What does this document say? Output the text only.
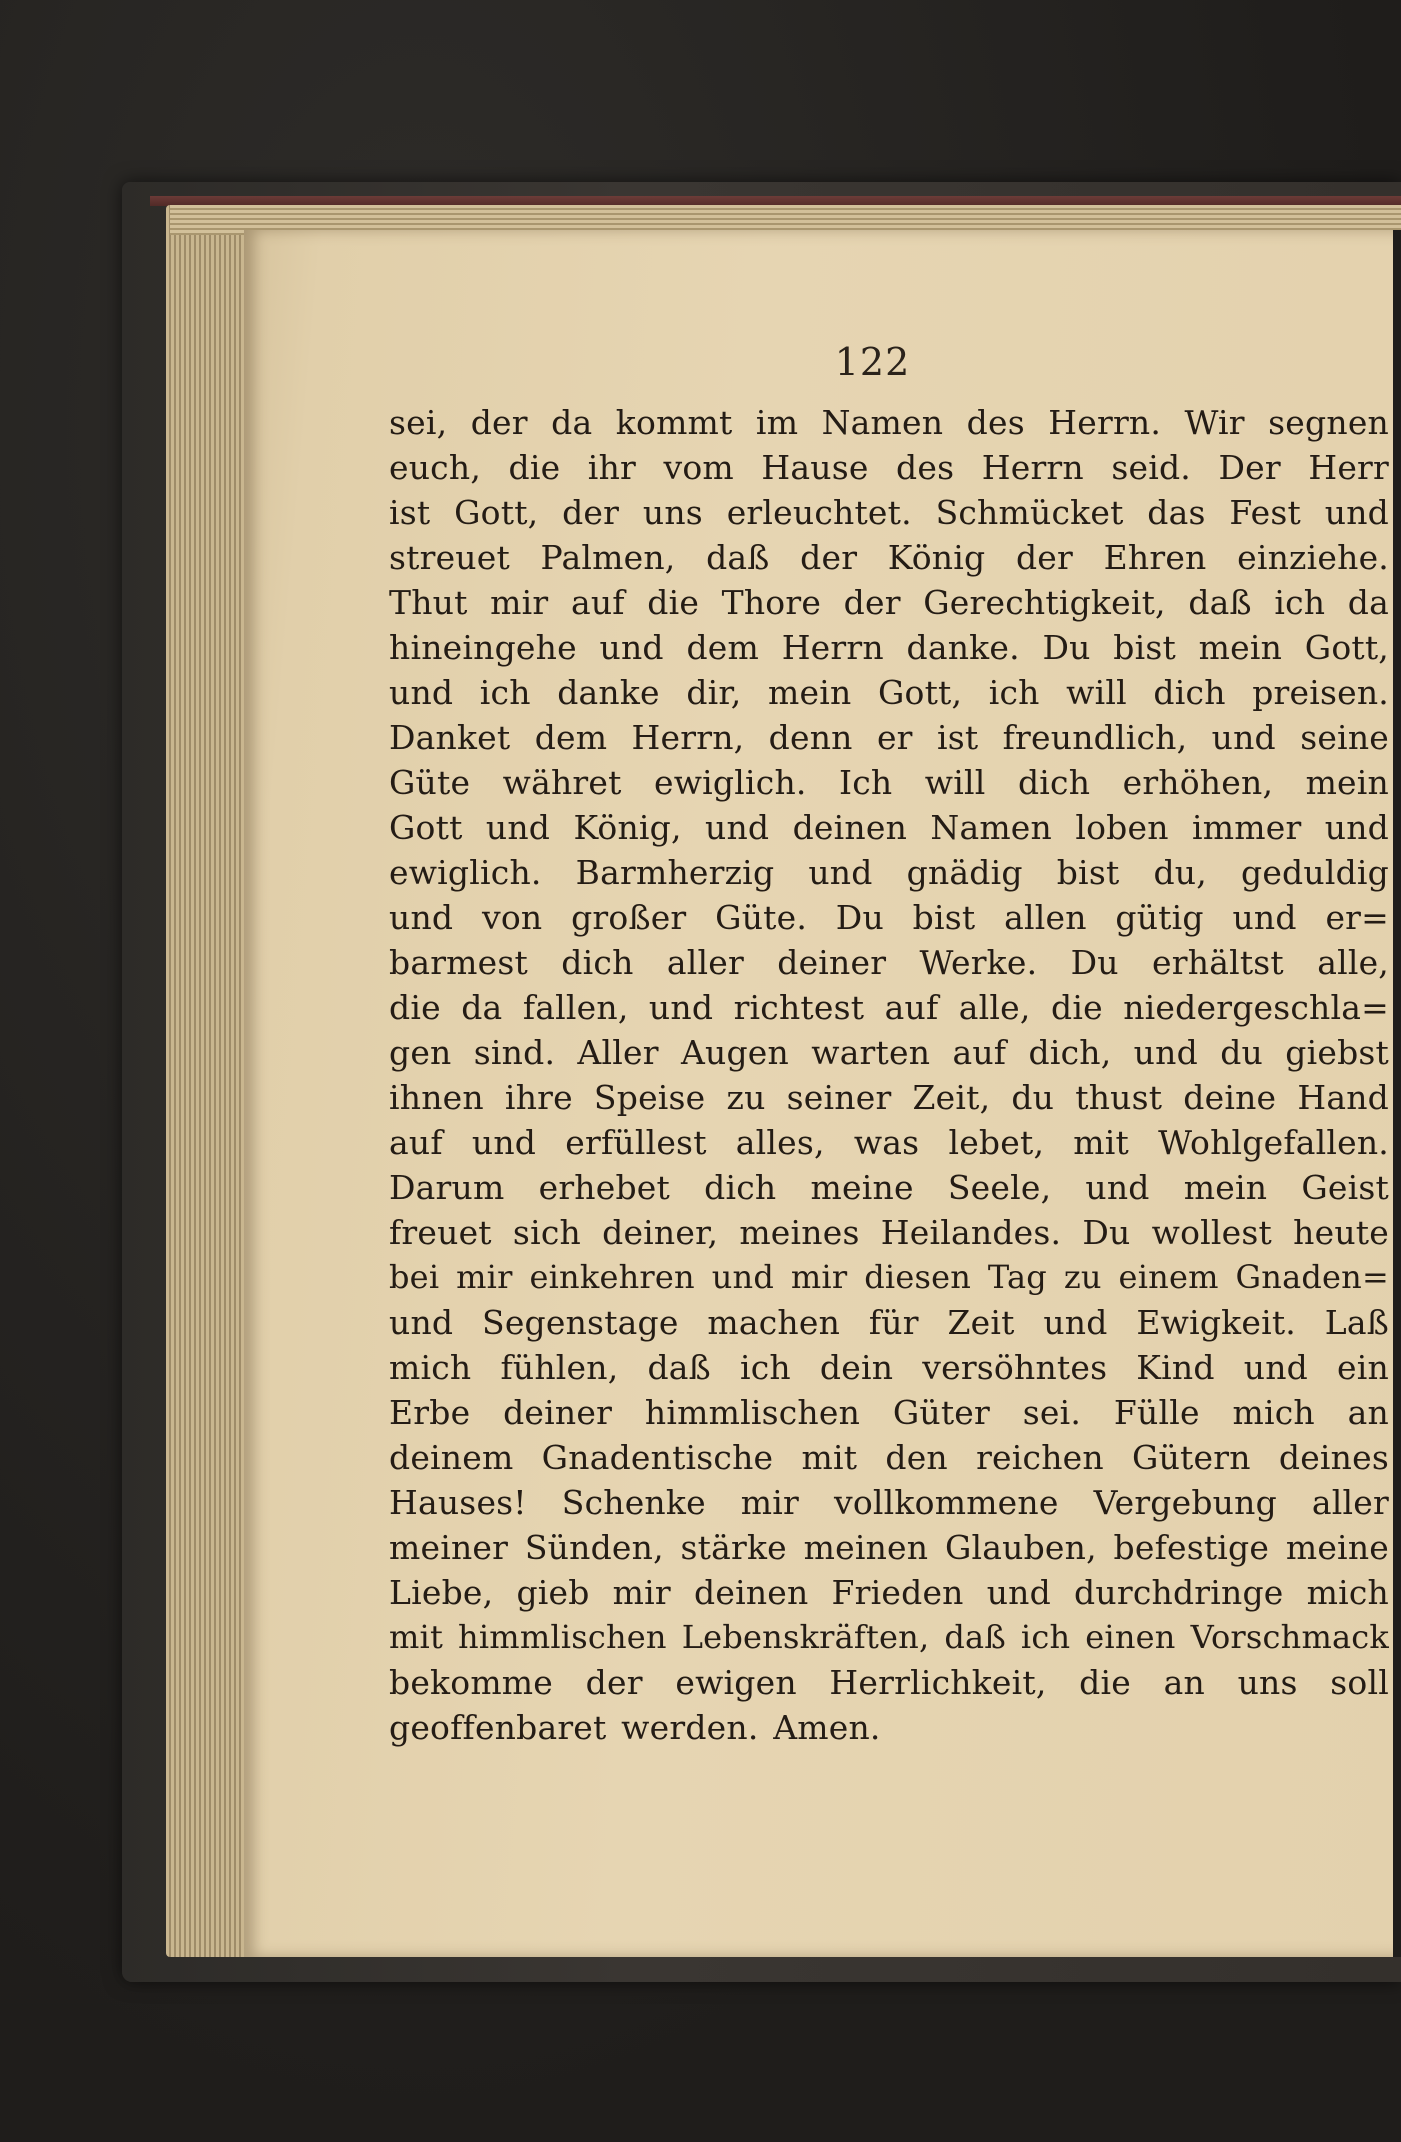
122
sei, der da kommt im Namen des Herrn. Wir segnen
euch, die ihr vom Hause des Herrn seid. Der Herr
ist Gott, der uns erleuchtet. Schmücket das Fest und
streuet Palmen, daß der König der Ehren einziehe.
Thut mir auf die Thore der Gerechtigkeit, daß ich da
hineingehe und dem Herrn danke. Du bist mein Gott,
und ich danke dir, mein Gott, ich will dich preisen.
Danket dem Herrn, denn er ist freundlich, und seine
Güte währet ewiglich. Ich will dich erhöhen, mein
Gott und König, und deinen Namen loben immer und
ewiglich. Barmherzig und gnädig bist du, geduldig
und von großer Güte. Du bist allen gütig und er=
barmest dich aller deiner Werke. Du erhältst alle,
die da fallen, und richtest auf alle, die niedergeschla=
gen sind. Aller Augen warten auf dich, und du giebst
ihnen ihre Speise zu seiner Zeit, du thust deine Hand
auf und erfüllest alles, was lebet, mit Wohlgefallen.
Darum erhebet dich meine Seele, und mein Geist
freuet sich deiner, meines Heilandes. Du wollest heute
bei mir einkehren und mir diesen Tag zu einem Gnaden=
und Segenstage machen für Zeit und Ewigkeit. Laß
mich fühlen, daß ich dein versöhntes Kind und ein
Erbe deiner himmlischen Güter sei. Fülle mich an
deinem Gnadentische mit den reichen Gütern deines
Hauses! Schenke mir vollkommene Vergebung aller
meiner Sünden, stärke meinen Glauben, befestige meine
Liebe, gieb mir deinen Frieden und durchdringe mich
mit himmlischen Lebenskräften, daß ich einen Vorschmack
bekomme der ewigen Herrlichkeit, die an uns soll
geoffenbaret werden. Amen.
